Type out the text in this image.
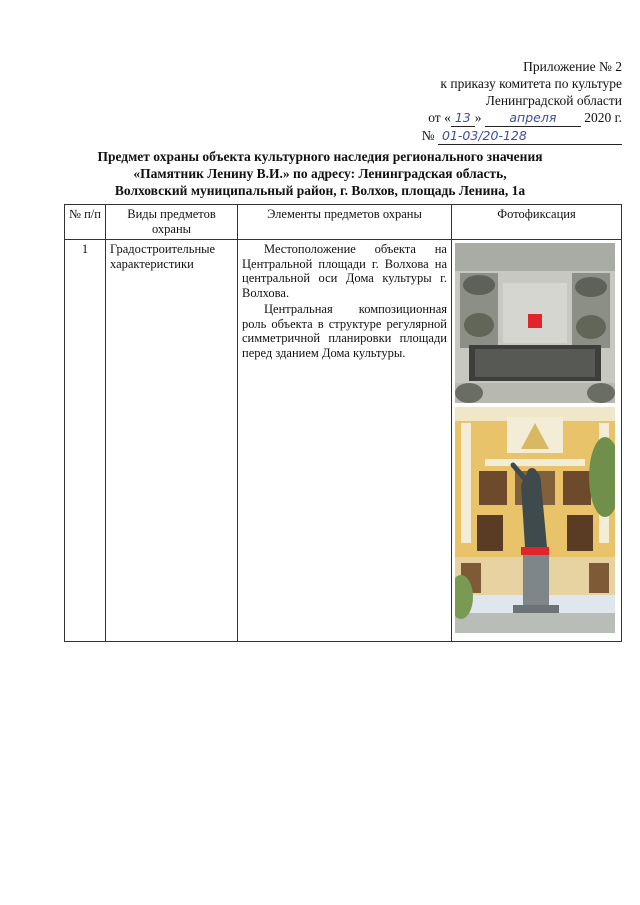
Приложение № 2
к приказу комитета по культуре
Ленинградской области
от « 13 » апреля 2020 г.
№ 01-03/20-128
Предмет охраны объекта культурного наследия регионального значения
«Памятник Ленину В.И.» по адресу: Ленинградская область,
Волховский муниципальный район, г. Волхов, площадь Ленина, 1а
№ п/п	Виды предметов охраны	Элементы предметов охраны	Фотофиксация
1	Градостроительные характеристики	Местоположение объекта на Центральной площади г. Волхова на центральной оси Дома культуры г. Волхова.

Центральная композиционная роль объекта в структуре регулярной симметричной планировки площади перед зданием Дома культуры.
